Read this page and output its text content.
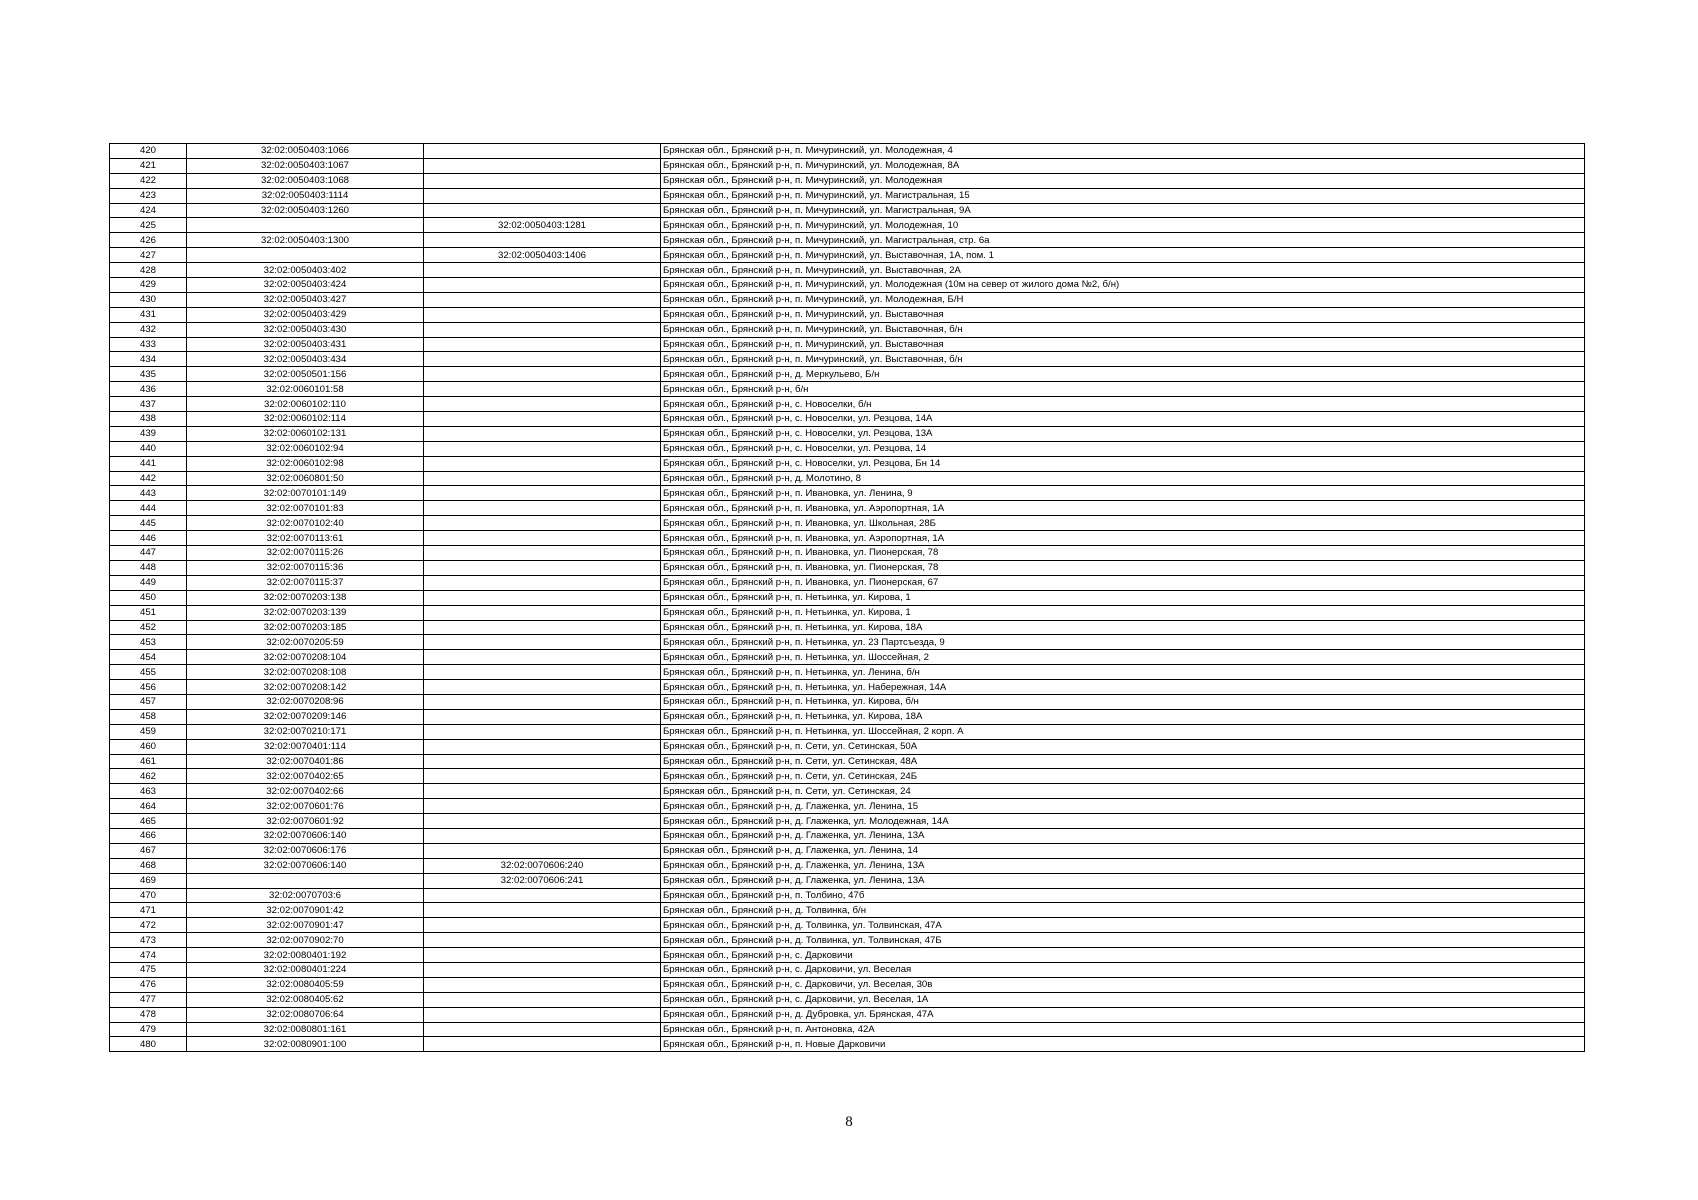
420	32:02:0050403:1066		Брянская обл., Брянский р-н, п. Мичуринский, ул. Молодежная, 4
421	32:02:0050403:1067		Брянская обл., Брянский р-н, п. Мичуринский, ул. Молодежная, 8А
422	32:02:0050403:1068		Брянская обл., Брянский р-н, п. Мичуринский, ул. Молодежная
423	32:02:0050403:1114		Брянская обл., Брянский р-н, п. Мичуринский, ул. Магистральная, 15
424	32:02:0050403:1260		Брянская обл., Брянский р-н, п. Мичуринский, ул. Магистральная, 9А
425		32:02:0050403:1281	Брянская обл., Брянский р-н, п. Мичуринский, ул. Молодежная, 10
426	32:02:0050403:1300		Брянская обл., Брянский р-н, п. Мичуринский, ул. Магистральная, стр. 6а
427		32:02:0050403:1406	Брянская обл., Брянский р-н, п. Мичуринский, ул. Выставочная, 1А, пом. 1
428	32:02:0050403:402		Брянская обл., Брянский р-н, п. Мичуринский, ул. Выставочная, 2А
429	32:02:0050403:424		Брянская обл., Брянский р-н, п. Мичуринский, ул. Молодежная (10м на север от жилого дома №2, б/н)
430	32:02:0050403:427		Брянская обл., Брянский р-н, п. Мичуринский, ул. Молодежная, Б/Н
431	32:02:0050403:429		Брянская обл., Брянский р-н, п. Мичуринский, ул. Выставочная
432	32:02:0050403:430		Брянская обл., Брянский р-н, п. Мичуринский, ул. Выставочная, б/н
433	32:02:0050403:431		Брянская обл., Брянский р-н, п. Мичуринский, ул. Выставочная
434	32:02:0050403:434		Брянская обл., Брянский р-н, п. Мичуринский, ул. Выставочная, б/н
435	32:02:0050501:156		Брянская обл., Брянский р-н, д. Меркульево, Б/н
436	32:02:0060101:58		Брянская обл., Брянский р-н, б/н
437	32:02:0060102:110		Брянская обл., Брянский р-н, с. Новоселки, б/н
438	32:02:0060102:114		Брянская обл., Брянский р-н, с. Новоселки, ул. Резцова, 14А
439	32:02:0060102:131		Брянская обл., Брянский р-н, с. Новоселки, ул. Резцова, 13А
440	32:02:0060102:94		Брянская обл., Брянский р-н, с. Новоселки, ул. Резцова, 14
441	32:02:0060102:98		Брянская обл., Брянский р-н, с. Новоселки, ул. Резцова, Бн 14
442	32:02:0060801:50		Брянская обл., Брянский р-н, д. Молотино, 8
443	32:02:0070101:149		Брянская обл., Брянский р-н, п. Ивановка, ул. Ленина, 9
444	32:02:0070101:83		Брянская обл., Брянский р-н, п. Ивановка, ул. Аэропортная, 1А
445	32:02:0070102:40		Брянская обл., Брянский р-н, п. Ивановка, ул. Школьная, 28Б
446	32:02:0070113:61		Брянская обл., Брянский р-н, п. Ивановка, ул. Аэропортная, 1А
447	32:02:0070115:26		Брянская обл., Брянский р-н, п. Ивановка, ул. Пионерская, 78
448	32:02:0070115:36		Брянская обл., Брянский р-н, п. Ивановка, ул. Пионерская, 78
449	32:02:0070115:37		Брянская обл., Брянский р-н, п. Ивановка, ул. Пионерская, 67
450	32:02:0070203:138		Брянская обл., Брянский р-н, п. Нетьинка, ул. Кирова, 1
451	32:02:0070203:139		Брянская обл., Брянский р-н, п. Нетьинка, ул. Кирова, 1
452	32:02:0070203:185		Брянская обл., Брянский р-н, п. Нетьинка, ул. Кирова, 18А
453	32:02:0070205:59		Брянская обл., Брянский р-н, п. Нетьинка, ул. 23 Партсъезда, 9
454	32:02:0070208:104		Брянская обл., Брянский р-н, п. Нетьинка, ул. Шоссейная, 2
455	32:02:0070208:108		Брянская обл., Брянский р-н, п. Нетьинка, ул. Ленина, б/н
456	32:02:0070208:142		Брянская обл., Брянский р-н, п. Нетьинка, ул. Набережная, 14А
457	32:02:0070208:96		Брянская обл., Брянский р-н, п. Нетьинка, ул. Кирова, б/н
458	32:02:0070209:146		Брянская обл., Брянский р-н, п. Нетьинка, ул. Кирова, 18А
459	32:02:0070210:171		Брянская обл., Брянский р-н, п. Нетьинка, ул. Шоссейная, 2 корп. А
460	32:02:0070401:114		Брянская обл., Брянский р-н, п. Сети, ул. Сетинская, 50А
461	32:02:0070401:86		Брянская обл., Брянский р-н, п. Сети, ул. Сетинская, 48А
462	32:02:0070402:65		Брянская обл., Брянский р-н, п. Сети, ул. Сетинская, 24Б
463	32:02:0070402:66		Брянская обл., Брянский р-н, п. Сети, ул. Сетинская, 24
464	32:02:0070601:76		Брянская обл., Брянский р-н, д. Глаженка, ул. Ленина, 15
465	32:02:0070601:92		Брянская обл., Брянский р-н, д. Глаженка, ул. Молодежная, 14А
466	32:02:0070606:140		Брянская обл., Брянский р-н, д. Глаженка, ул. Ленина, 13А
467	32:02:0070606:176		Брянская обл., Брянский р-н, д. Глаженка, ул. Ленина, 14
468	32:02:0070606:140	32:02:0070606:240	Брянская обл., Брянский р-н, д. Глаженка, ул. Ленина, 13А
469		32:02:0070606:241	Брянская обл., Брянский р-н, д. Глаженка, ул. Ленина, 13А
470	32:02:0070703:6		Брянская обл., Брянский р-н, п. Толбино, 47б
471	32:02:0070901:42		Брянская обл., Брянский р-н, д. Толвинка, б/н
472	32:02:0070901:47		Брянская обл., Брянский р-н, д. Толвинка, ул. Толвинская, 47А
473	32:02:0070902:70		Брянская обл., Брянский р-н, д. Толвинка, ул. Толвинская, 47Б
474	32:02:0080401:192		Брянская обл., Брянский р-н, с. Дарковичи
475	32:02:0080401:224		Брянская обл., Брянский р-н, с. Дарковичи, ул. Веселая
476	32:02:0080405:59		Брянская обл., Брянский р-н, с. Дарковичи, ул. Веселая, 30в
477	32:02:0080405:62		Брянская обл., Брянский р-н, с. Дарковичи, ул. Веселая, 1А
478	32:02:0080706:64		Брянская обл., Брянский р-н, д. Дубровка, ул. Брянская, 47А
479	32:02:0080801:161		Брянская обл., Брянский р-н, п. Антоновка, 42А
480	32:02:0080901:100		Брянская обл., Брянский р-н, п. Новые Дарковичи
8
